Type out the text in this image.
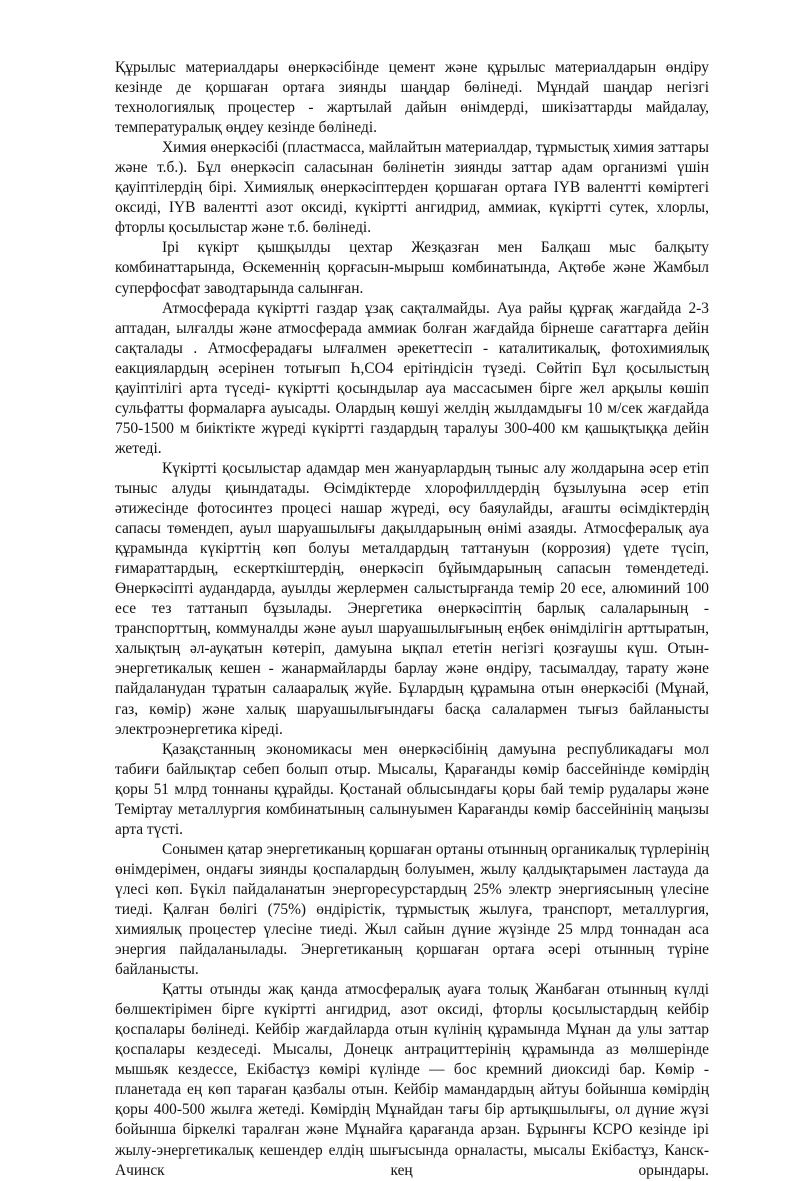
Құрылыс материалдары өнеркәсібінде цемент және құрылыс материалдарын өндіру кезінде де қоршаған ортаға зиянды шаңдар бөлінеді. Мұндай шаңдар негізгі технологиялық процестер - жартылай дайын өнімдерді, шикізаттарды майдалау, температуралық өңдеу кезінде бөлінеді.

Химия өнеркәсібі (пластмасса, майлайтын материалдар, тұрмыстық химия заттары және т.б.). Бұл өнеркәсіп саласынан бөлінетін зиянды заттар адам организмі үшін қауіптілердің бірі. Химиялық өнеркәсіптерден қоршаған ортаға ІҮВ валентті көміртегі оксиді, ІҮВ валентті азот оксиді, күкіртті ангидрид, аммиак, күкіртті сутек, хлорлы, фторлы қосылыстар және т.б. бөлінеді.

Ірі күкірт қышқылды цехтар Жезқазған мен Балқаш мыс балқыту комбинаттарында, Өскеменнің қорғасын-мырыш комбинатында, Ақтөбе және Жамбыл суперфосфат заводтарында салынған.

Атмосферада күкіртті газдар ұзақ сақталмайды. Ауа райы құрғақ жағдайда 2-3 аптадан, ылғалды және атмосферада аммиак болған жағдайда бірнеше сағаттарға дейін сақталады . Атмосферадағы ылғалмен әрекеттесіп - каталитикалық, фотохимиялық еакциялардың әсерінен тотығып Һ,СО4 ерітіндісін түзеді. Сөйтіп Бұл қосылыстың қауіптілігі арта түседі- күкіртті қосындылар ауа массасымен бірге жел арқылы көшіп сульфатты формаларға ауысады. Олардың көшуі желдің жылдамдығы 10 м/сек жағдайда 750-1500 м биіктікте жүреді күкіртті газдардың таралуы 300-400 км қашықтыққа дейін жетеді.

Күкіртті қосылыстар адамдар мен жануарлардың тыныс алу жолдарына әсер етіп тыныс алуды қиындатады. Өсімдіктерде хлорофиллдердің бұзылуына әсер етіп әтижесінде фотосинтез процесі нашар жүреді, өсу баяулайды, ағашты өсімдіктердің сапасы төмендеп, ауыл шаруашылығы дақылдарының өнімі азаяды. Атмосфералық ауа құрамында күкірттің көп болуы металдардың таттануын (коррозия) үдете түсіп, ғимараттардың, ескерткіштердің, өнеркәсіп бұйымдарының сапасын төмендетеді. Өнеркәсіпті аудандарда, ауылды жерлермен салыстырғанда темір 20 есе, алюминий 100 есе тез таттанып бұзылады. Энергетика өнеркәсіптің барлық салаларының - транспорттың, коммуналды және ауыл шаруашылығының еңбек өнімділігін арттыратын, халықтың әл-ауқатын көтеріп, дамуына ықпал ететін негізгі қозғаушы күш. Отын-энергетикалық кешен - жанармайларды барлау және өндіру, тасымалдау, тарату және пайдаланудан тұратын салааралық жүйе. Бұлардың құрамына отын өнеркәсібі (Мұнай, газ, көмір) және халық шаруашылығындағы басқа салалармен тығыз байланысты электроэнергетика кіреді.

Қазақстанның экономикасы мен өнеркәсібінің дамуына республикадағы мол табиғи байлықтар себеп болып отыр. Мысалы, Қарағанды көмір бассейнінде көмірдің қоры 51 млрд тоннаны құрайды. Қостанай облысындағы қоры бай темір рудалары және Теміртау металлургия комбинатының салынуымен Карағанды көмір бассейнінің маңызы арта түсті.

Сонымен қатар энергетиканың қоршаған ортаны отынның органикалық түрлерінің өнімдерімен, ондағы зиянды қоспалардың болуымен, жылу қалдықтарымен ластауда да үлесі көп. Бүкіл пайдаланатын энергоресурстардың 25% электр энергиясының үлесіне тиеді. Қалған бөлігі (75%) өндірістік, тұрмыстық жылуға, транспорт, металлургия, химиялық процестер үлесіне тиеді. Жыл сайын дүние жүзінде 25 млрд тоннадан аса энергия пайдаланылады. Энергетиканың қоршаған ортаға әсері отынның түріне байланысты.

Қатты отынды жақ қанда атмосфералық ауаға толық Жанбаған отынның күлді бөлшектірімен бірге күкіртті ангидрид, азот оксиді, фторлы қосылыстардың кейбір қоспалары бөлінеді. Кейбір жағдайларда отын күлінің құрамында Мұнан да улы заттар қоспалары кездеседі. Мысалы, Донецк антрациттерінің құрамында аз мөлшерінде мышьяк кездессе, Екібастұз көмірі күлінде — бос кремний диоксиді бар. Көмір - планетада ең көп тараған қазбалы отын. Кейбір мамандардың айтуы бойынша көмірдің қоры 400-500 жылға жетеді. Көмірдің Мұнайдан тағы бір артықшылығы, ол дүние жүзі бойынша біркелкі таралған және Мұнайға қарағанда арзан. Бұрынғы КСРО кезінде ірі жылу-энергетикалық кешендер елдің шығысында орналасты, мысалы Екібастұз, Канск-Ачинск кең орындары.
